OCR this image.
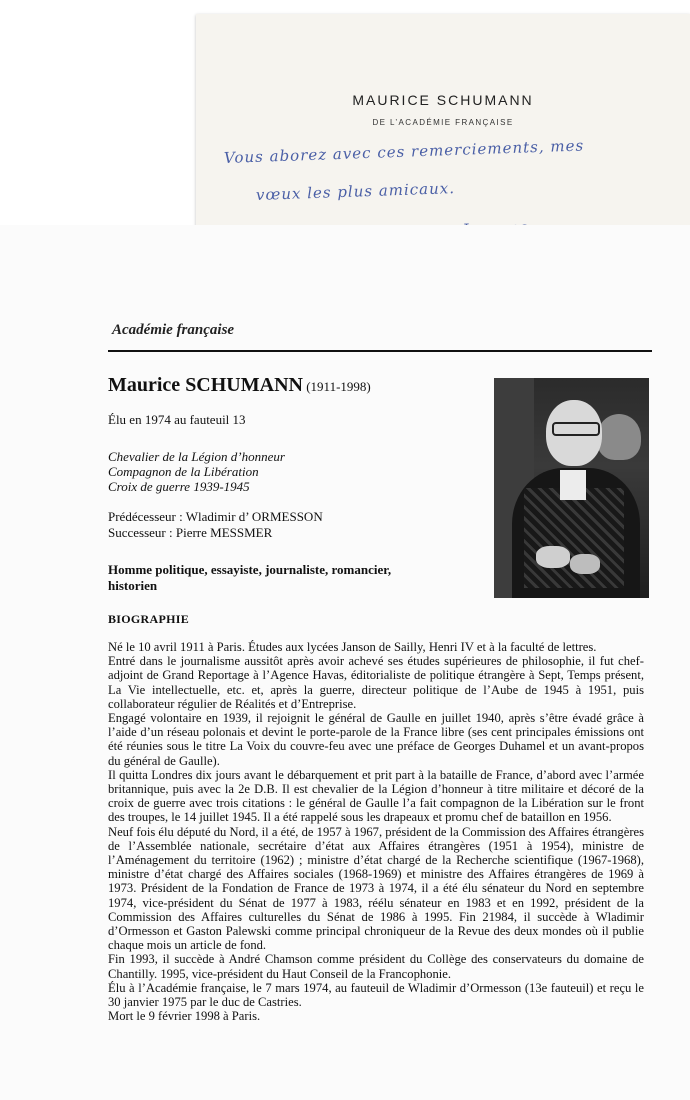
MAURICE SCHUMANN
DE L’ACADÉMIE FRANÇAISE
Vous aborez avec ces remerciements, mes
vœux les plus amicaux.
Académie française
Maurice SCHUMANN (1911-1998)
Élu en 1974 au fauteuil 13
Chevalier de la Légion d’honneur
Compagnon de la Libération
Croix de guerre 1939-1945
Prédécesseur : Wladimir d’ ORMESSON
Successeur : Pierre MESSMER
Homme politique, essayiste, journaliste, romancier, historien
BIOGRAPHIE

Né le 10 avril 1911 à Paris. Études aux lycées Janson de Sailly, Henri IV et à la faculté de lettres.

Entré dans le journalisme aussitôt après avoir achevé ses études supérieures de philosophie, il fut chef-adjoint de Grand Reportage à l’Agence Havas, éditorialiste de politique étrangère à Sept, Temps présent, La Vie intellectuelle, etc. et, après la guerre, directeur politique de l’Aube de 1945 à 1951, puis collaborateur régulier de Réalités et d’Entreprise.

Engagé volontaire en 1939, il rejoignit le général de Gaulle en juillet 1940, après s’être évadé grâce à l’aide d’un réseau polonais et devint le porte-parole de la France libre (ses cent principales émissions ont été réunies sous le titre La Voix du couvre-feu avec une préface de Georges Duhamel et un avant-propos du général de Gaulle).

Il quitta Londres dix jours avant le débarquement et prit part à la bataille de France, d’abord avec l’armée britannique, puis avec la 2e D.B. Il est chevalier de la Légion d’honneur à titre militaire et décoré de la croix de guerre avec trois citations : le général de Gaulle l’a fait compagnon de la Libération sur le front des troupes, le 14 juillet 1945. Il a été rappelé sous les drapeaux et promu chef de bataillon en 1956.

Neuf fois élu député du Nord, il a été, de 1957 à 1967, président de la Commission des Affaires étrangères de l’Assemblée nationale, secrétaire d’état aux Affaires étrangères (1951 à 1954), ministre de l’Aménagement du territoire (1962) ; ministre d’état chargé de la Recherche scientifique (1967-1968), ministre d’état chargé des Affaires sociales (1968-1969) et ministre des Affaires étrangères de 1969 à 1973. Président de la Fondation de France de 1973 à 1974, il a été élu sénateur du Nord en septembre 1974, vice-président du Sénat de 1977 à 1983, réélu sénateur en 1983 et en 1992, président de la Commission des Affaires culturelles du Sénat de 1986 à 1995. Fin 21984, il succède à Wladimir d’Ormesson et Gaston Palewski comme principal chroniqueur de la Revue des deux mondes où il publie chaque mois un article de fond.

Fin 1993, il succède à André Chamson comme président du Collège des conservateurs du domaine de Chantilly. 1995, vice-président du Haut Conseil de la Francophonie.

Élu à l’Académie française, le 7 mars 1974, au fauteuil de Wladimir d’Ormesson (13e fauteuil) et reçu le 30 janvier 1975 par le duc de Castries.

Mort le 9 février 1998 à Paris.
